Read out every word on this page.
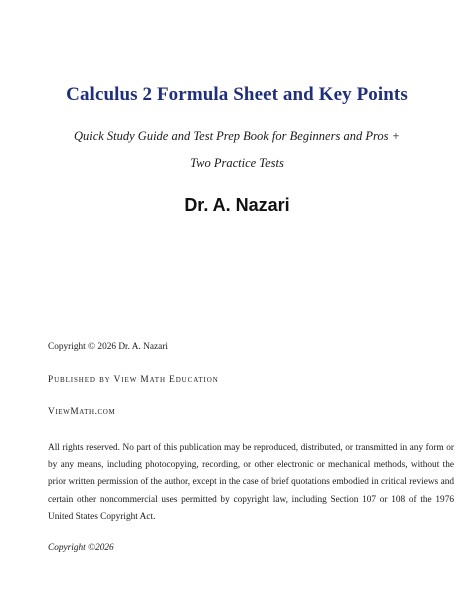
Calculus 2 Formula Sheet and Key Points
Quick Study Guide and Test Prep Book for Beginners and Pros +
Two Practice Tests
Dr. A. Nazari
Copyright © 2026 Dr. A. Nazari
Published by View Math Education
ViewMath.com
All rights reserved. No part of this publication may be reproduced, distributed, or transmitted in any form or by any means, including photocopying, recording, or other electronic or mechanical methods, without the prior written permission of the author, except in the case of brief quotations embodied in critical reviews and certain other noncommercial uses permitted by copyright law, including Section 107 or 108 of the 1976 United States Copyright Act.
Copyright ©2026
